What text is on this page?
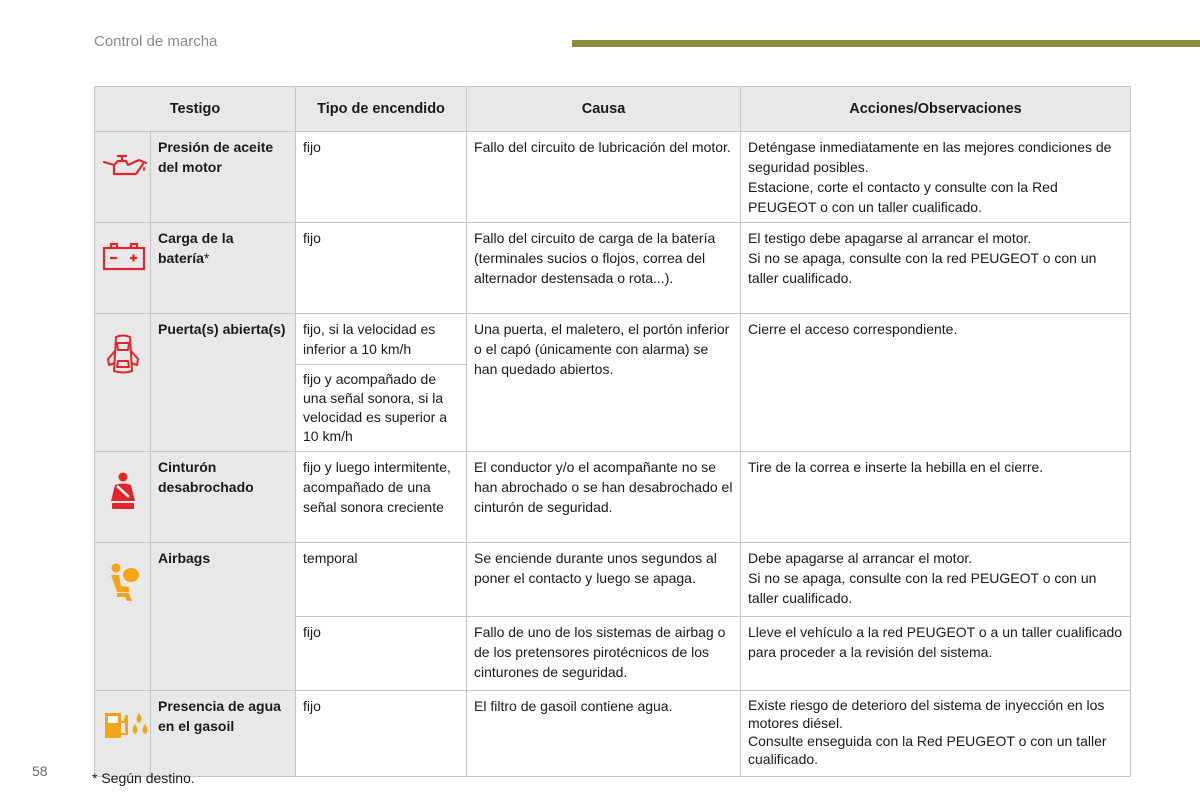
Control de marcha
Testigo		Tipo de encendido	Causa	Acciones/Observaciones

	Presión de aceite del motor	fijo	Fallo del circuito de lubricación del motor.	Deténgase inmediatamente en las mejores condiciones de seguridad posibles.
Estacione, corte el contacto y consulte con la Red PEUGEOT o con un taller cualificado.

	Carga de la batería*	fijo	Fallo del circuito de carga de la batería (terminales sucios o flojos, correa del alternador destensada o rota...).	El testigo debe apagarse al arrancar el motor.
Si no se apaga, consulte con la red PEUGEOT o con un taller cualificado.

	Puerta(s) abierta(s)	fijo, si la velocidad es inferior a 10 km/h	Una puerta, el maletero, el portón inferior o el capó (únicamente con alarma) se han quedado abiertos.	Cierre el acceso correspondiente.
		fijo y acompañado de una señal sonora, si la velocidad es superior a 10 km/h		

	Cinturón desabrochado	fijo y luego intermitente, acompañado de una señal sonora creciente	El conductor y/o el acompañante no se han abrochado o se han desabrochado el cinturón de seguridad.	Tire de la correa e inserte la hebilla en el cierre.

	Airbags	temporal	Se enciende durante unos segundos al poner el contacto y luego se apaga.	Debe apagarse al arrancar el motor.
Si no se apaga, consulte con la red PEUGEOT o con un taller cualificado.

		fijo	Fallo de uno de los sistemas de airbag o de los pretensores pirotécnicos de los cinturones de seguridad.	Lleve el vehículo a la red PEUGEOT o a un taller cualificado para proceder a la revisión del sistema.

	Presencia de agua en el gasoil	fijo	El filtro de gasoil contiene agua.	Existe riesgo de deterioro del sistema de inyección en los motores diésel.
Consulte enseguida con la Red PEUGEOT o con un taller cualificado.
58	* Según destino.
